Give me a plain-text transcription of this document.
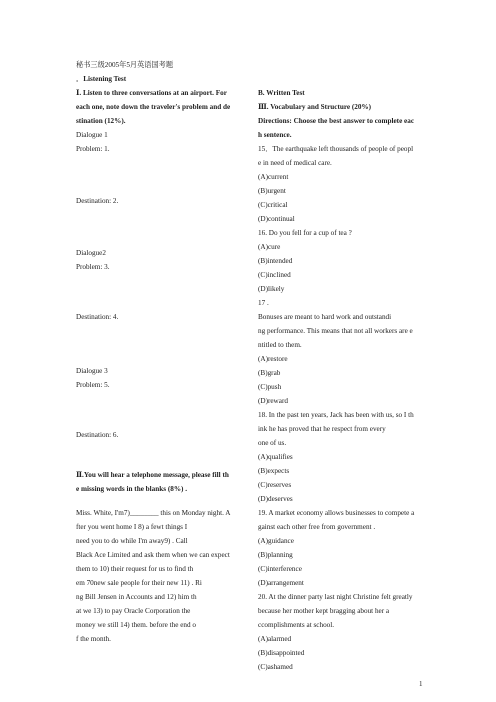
秘书三级2005年5月英语国考题
．Listening Test
Ⅰ. Listen to three conversations at an airport. For
each one, note down the traveler's problem and de
stination (12%).
Dialogue 1
Problem: 1.
Destination: 2.
Dialogue2
Problem: 3.
Destination: 4.
Dialogue 3
Problem: 5.
Destination: 6.
Ⅱ.You will hear a telephone message, please fill th
e missing words in the blanks (8%) .
Miss. White, I'm7)________ this on Monday night. A
fter you went home I 8) a fewt things I
need you to do while I'm away9) . Call
Black Ace Limited and ask them when we can expect
them to 10) their request for us to find th
em 70new sale people for their new 11) . Ri
ng Bill Jensen in Accounts and 12) him th
at we 13) to pay Oracle Corporation the
money we still 14) them. before the end o
f the month.
B. Written Test
Ⅲ. Vocabulary and Structure (20%)
Directions: Choose the best answer to complete eac
h sentence.
15．The earthquake left thousands of people of peopl
e in need of medical care.
(A)current
(B)urgent
(C)critical
(D)continual
16. Do you fell for a cup of tea ?
(A)cure
(B)intended
(C)inclined
(D)likely
17 .
Bonuses are meant to hard work and outstandi
ng performance. This means that not all workers are e
ntitled to them.
(A)restore
(B)grab
(C)push
(D)reward
18. In the past ten years, Jack has been with us, so I th
ink he has proved that he respect from every
one of us.
(A)qualifies
(B)expects
(C)reserves
(D)deserves
19. A market economy allows businesses to compete a
gainst each other free from government .
(A)guidance
(B)planning
(C)interference
(D)arrangement
20. At the dinner party last night Christine felt greatly
because her mother kept bragging about her a
ccomplishments at school.
(A)alarmed
(B)disappointed
(C)ashamed
1
